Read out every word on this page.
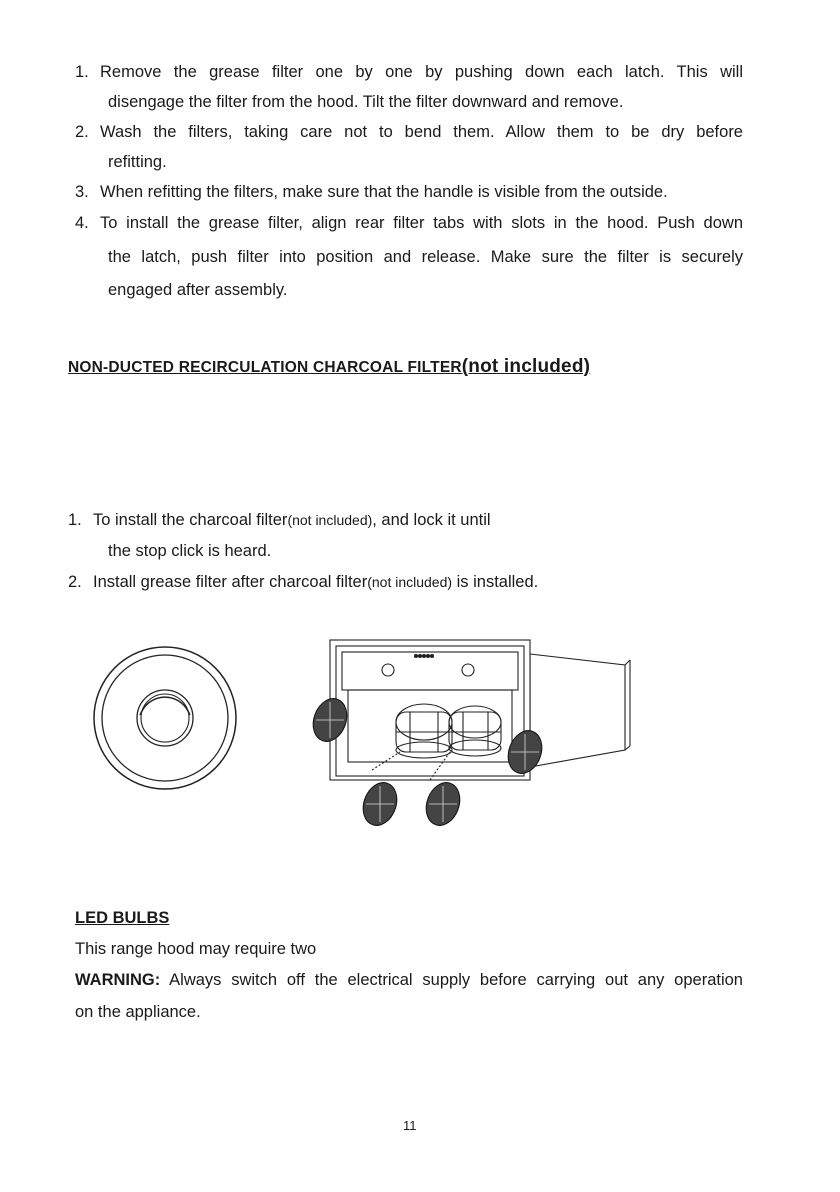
1. Remove the grease filter one by one by pushing down each latch. This will
disengage the filter from the hood. Tilt the filter downward and remove.
2. Wash the filters, taking care not to bend them. Allow them to be dry before
refitting.
3. When refitting the filters, make sure that the handle is visible from the outside.
4. To install the grease filter, align rear filter tabs with slots in the hood. Push down
the latch, push filter into position and release. Make sure the filter is securely
engaged after assembly.
NON-DUCTED RECIRCULATION CHARCOAL FILTER(not included)
1. To install the charcoal filter(not included), and lock it until
the stop click is heard.
2. Install grease filter after charcoal filter(not included) is installed.
LED BULBS
This range hood may require two
WARNING: Always switch off the electrical supply before carrying out any operation
on the appliance.
11
